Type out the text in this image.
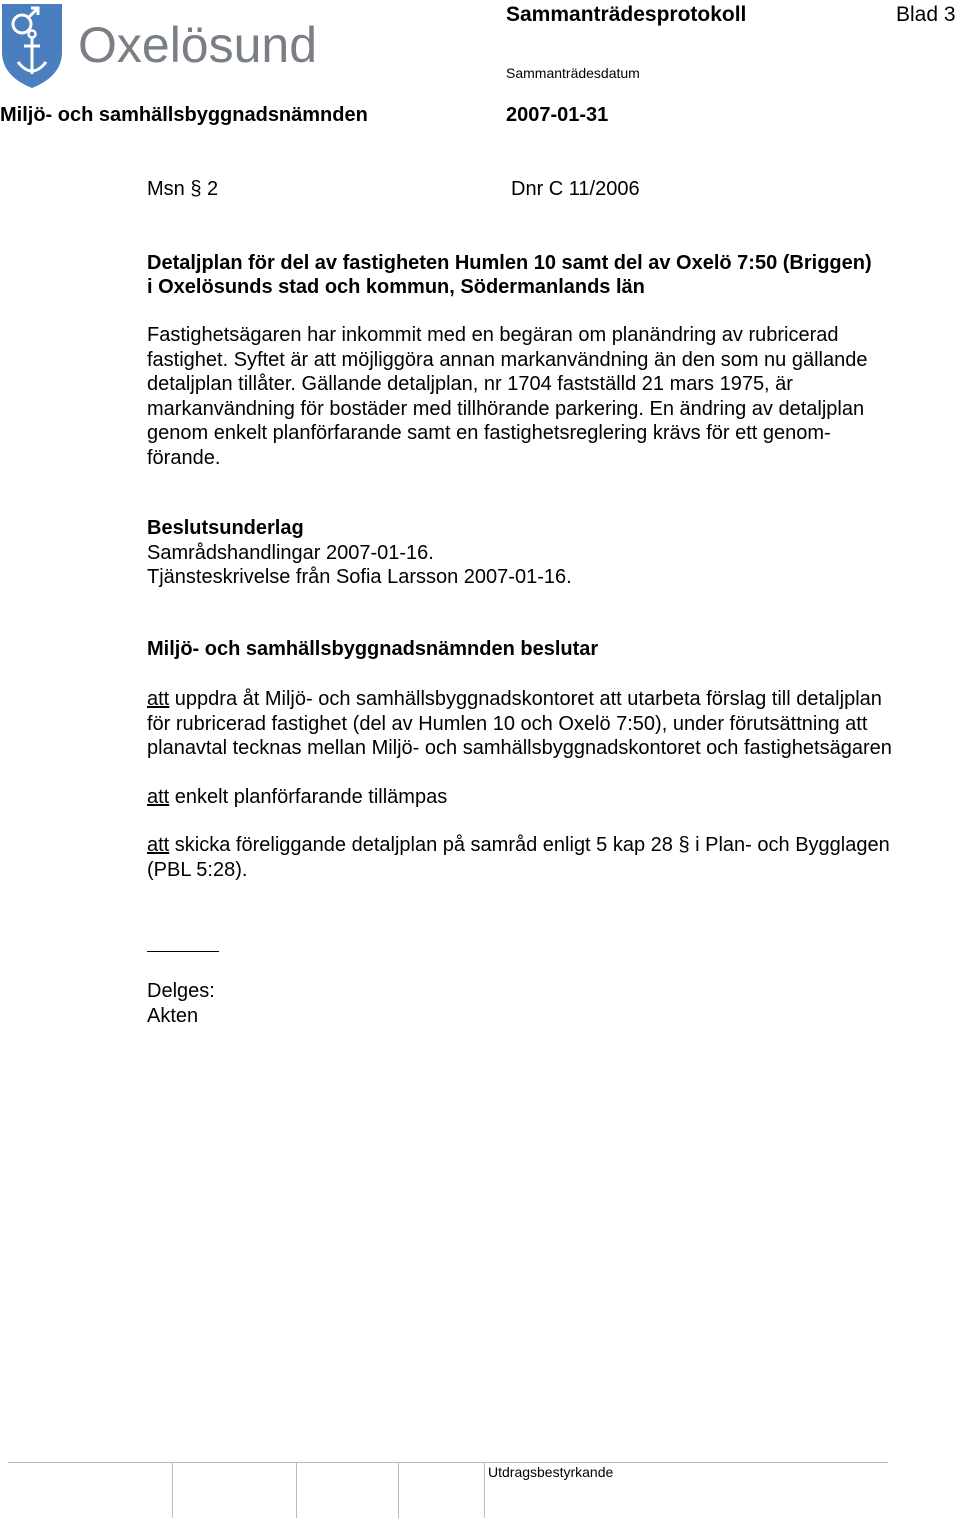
Oxelösund
Sammanträdesprotokoll	Blad 3
Sammanträdesdatum
Miljö- och samhällsbyggnadsnämnden	2007-01-31
Msn § 2	Dnr C 11/2006
Detaljplan för del av fastigheten Humlen 10 samt del av Oxelö 7:50 (Briggen)
i Oxelösunds stad och kommun, Södermanlands län
Fastighetsägaren har inkommit med en begäran om planändring av rubricerad
fastighet. Syftet är att möjliggöra annan markanvändning än den som nu gällande
detaljplan tillåter. Gällande detaljplan, nr 1704 fastställd 21 mars 1975, är
markanvändning för bostäder med tillhörande parkering. En ändring av detaljplan
genom enkelt planförfarande samt en fastighetsreglering krävs för ett genom-
förande.
Beslutsunderlag
Samrådshandlingar 2007-01-16.
Tjänsteskrivelse från Sofia Larsson 2007-01-16.
Miljö- och samhällsbyggnadsnämnden beslutar
att uppdra åt Miljö- och samhällsbyggnadskontoret att utarbeta förslag till detaljplan
för rubricerad fastighet (del av Humlen 10 och Oxelö 7:50), under förutsättning att
planavtal tecknas mellan Miljö- och samhällsbyggnadskontoret och fastighetsägaren
att enkelt planförfarande tillämpas
att skicka föreliggande detaljplan på samråd enligt 5 kap 28 § i Plan- och Bygglagen
(PBL 5:28).
Delges:
Akten
Utdragsbestyrkande
